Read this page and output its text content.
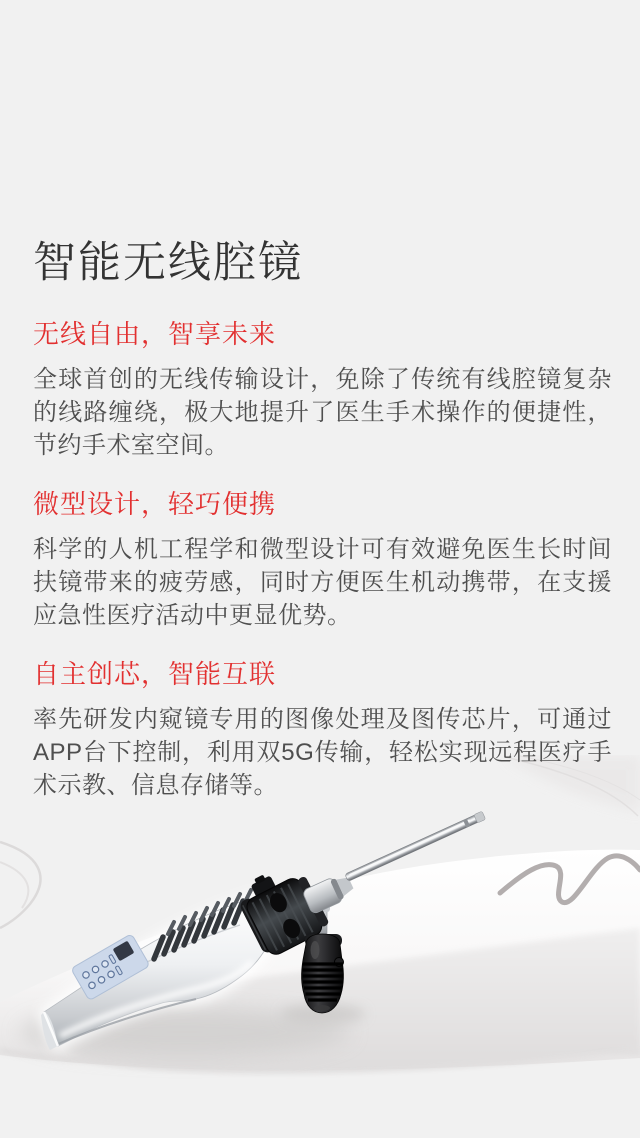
智能无线腔镜
无线自由，智享未来

全球首创的无线传输设计，免除了传统有线腔镜复杂的线路缠绕，极大地提升了医生手术操作的便捷性，节约手术室空间。

微型设计，轻巧便携

科学的人机工程学和微型设计可有效避免医生长时间扶镜带来的疲劳感，同时方便医生机动携带，在支援应急性医疗活动中更显优势。

自主创芯，智能互联

率先研发内窥镜专用的图像处理及图传芯片，可通过APP台下控制，利用双5G传输，轻松实现远程医疗手术示教、信息存储等。
